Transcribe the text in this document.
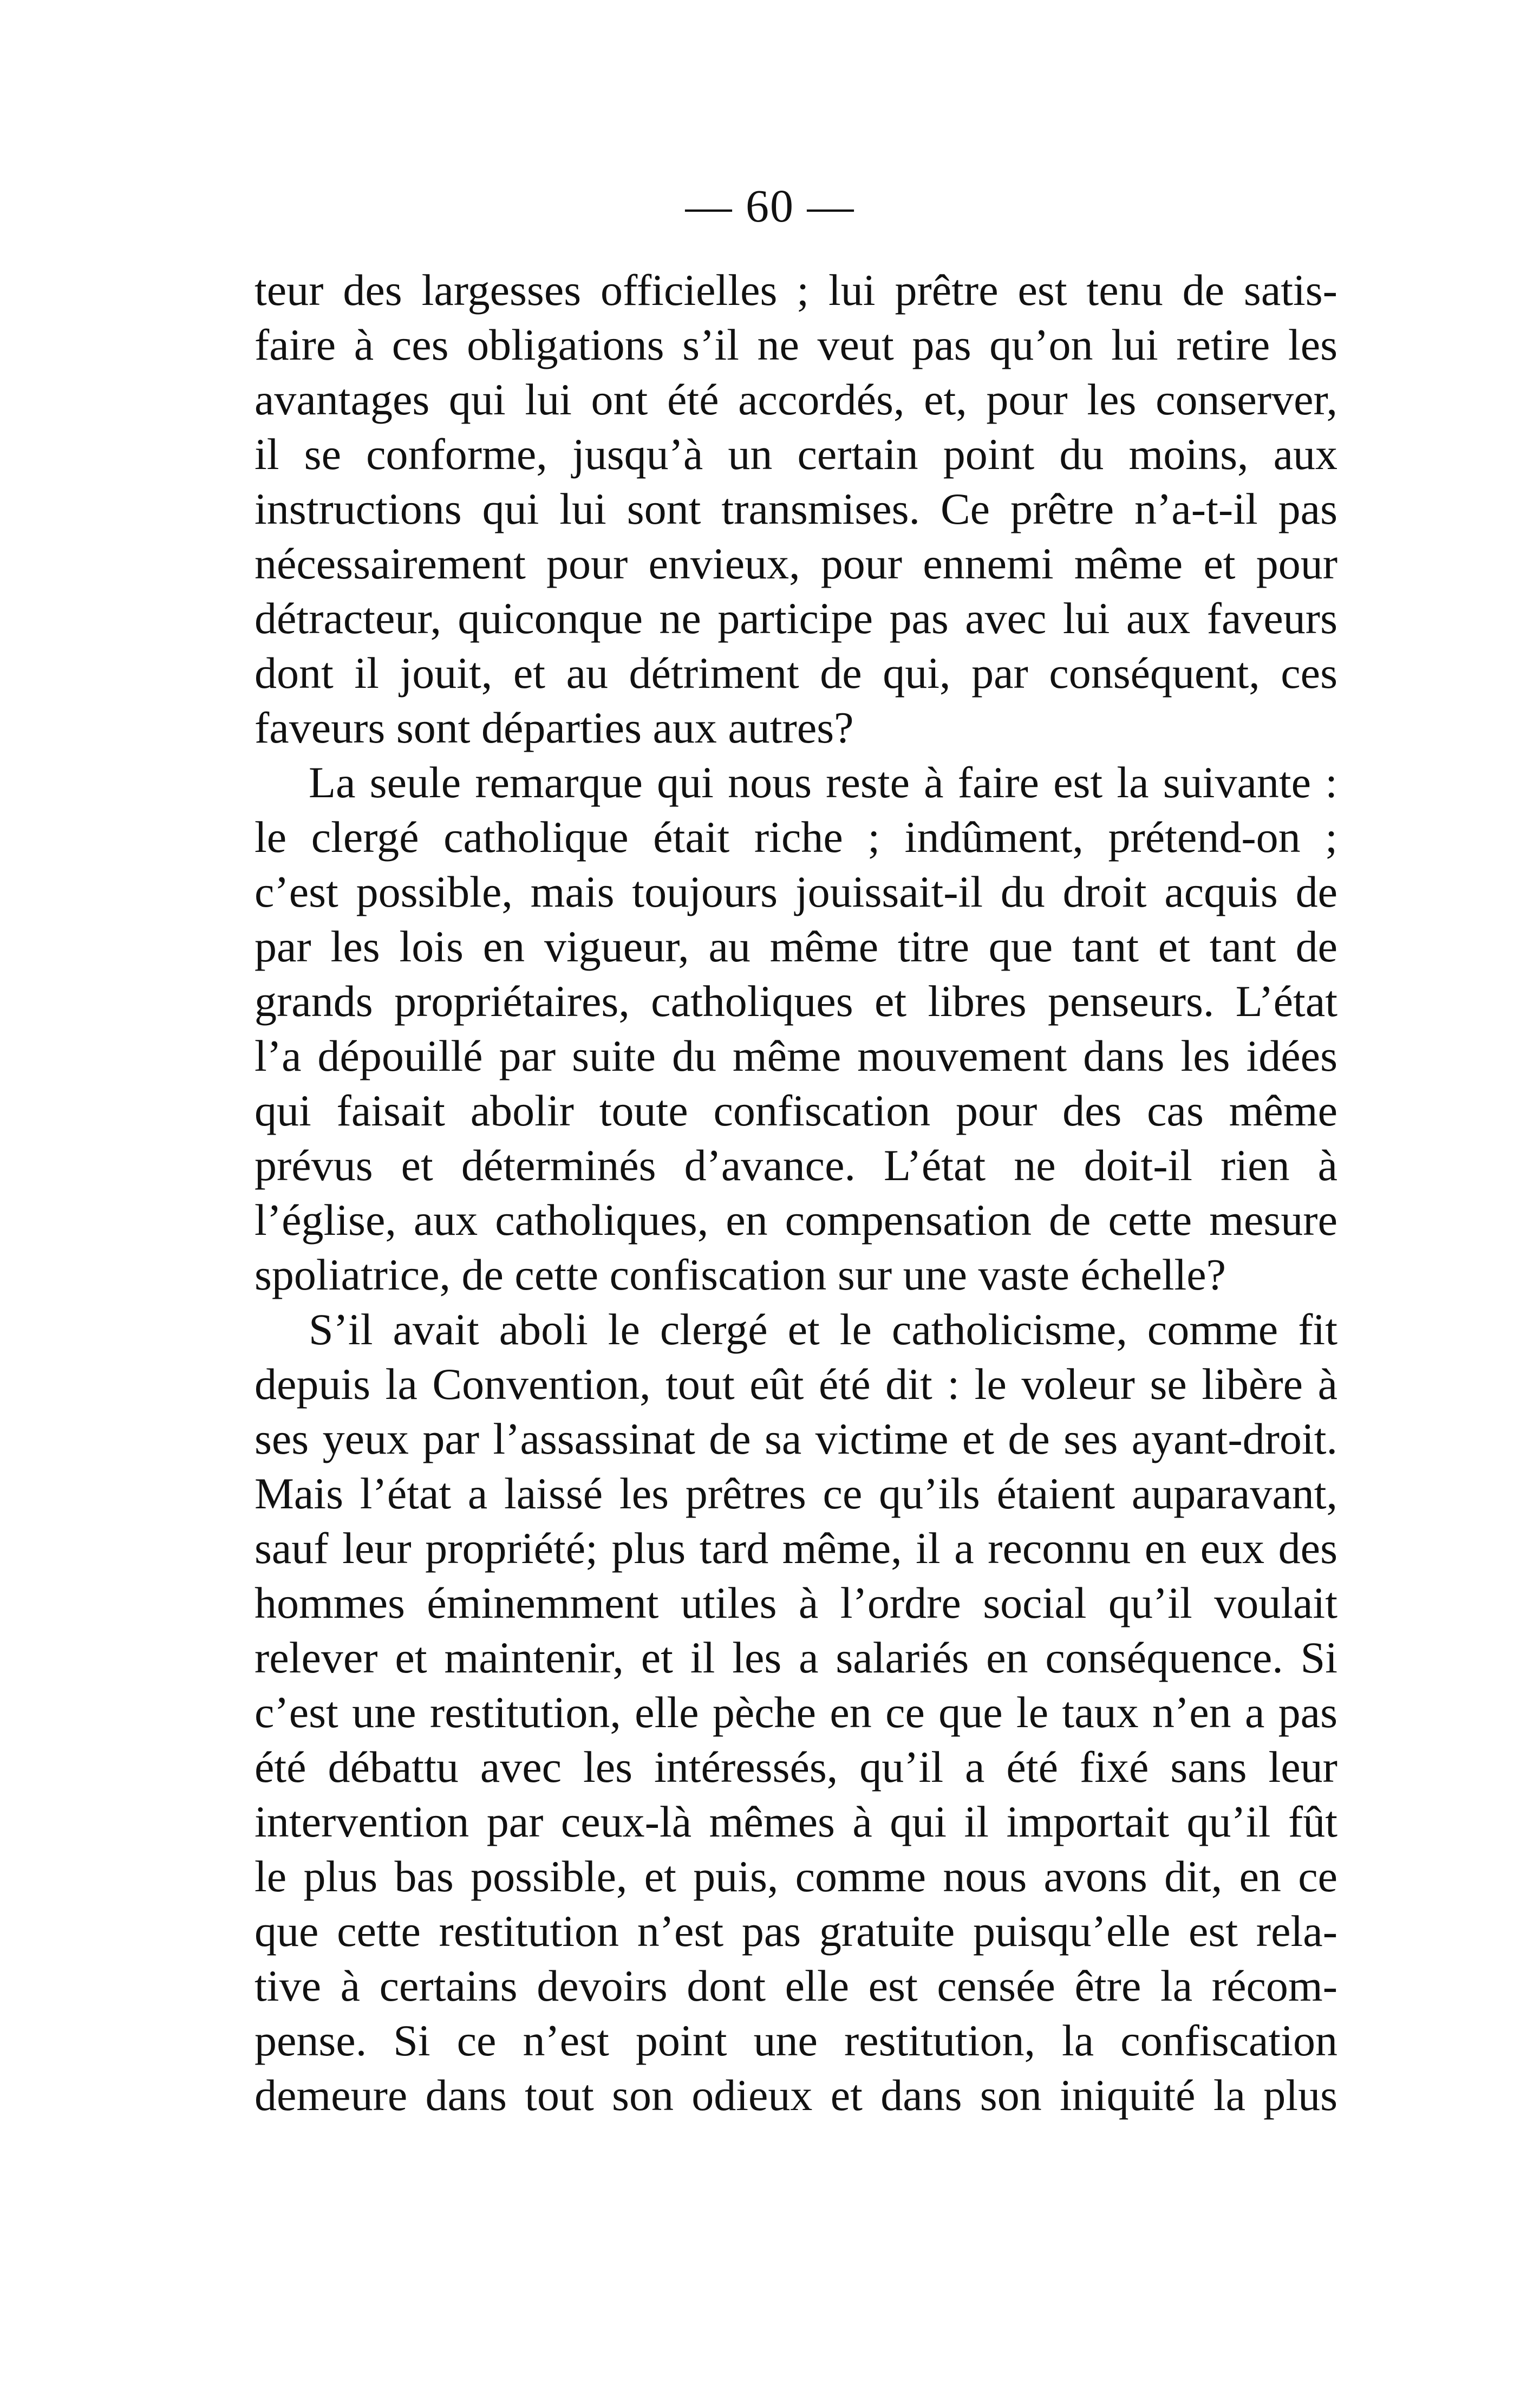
— 60 —
teur des largesses officielles ; lui prêtre est tenu de satis-
faire à ces obligations s’il ne veut pas qu’on lui retire les
avantages qui lui ont été accordés, et, pour les conserver,
il se conforme, jusqu’à un certain point du moins, aux
instructions qui lui sont transmises. Ce prêtre n’a-t-il pas
nécessairement pour envieux, pour ennemi même et pour
détracteur, quiconque ne participe pas avec lui aux faveurs
dont il jouit, et au détriment de qui, par conséquent, ces
faveurs sont départies aux autres?
La seule remarque qui nous reste à faire est la suivante :
le clergé catholique était riche ; indûment, prétend-on ;
c’est possible, mais toujours jouissait-il du droit acquis de
par les lois en vigueur, au même titre que tant et tant de
grands propriétaires, catholiques et libres penseurs. L’état
l’a dépouillé par suite du même mouvement dans les idées
qui faisait abolir toute confiscation pour des cas même
prévus et déterminés d’avance. L’état ne doit-il rien à
l’église, aux catholiques, en compensation de cette mesure
spoliatrice, de cette confiscation sur une vaste échelle?
S’il avait aboli le clergé et le catholicisme, comme fit
depuis la Convention, tout eût été dit : le voleur se libère à
ses yeux par l’assassinat de sa victime et de ses ayant-droit.
Mais l’état a laissé les prêtres ce qu’ils étaient auparavant,
sauf leur propriété; plus tard même, il a reconnu en eux des
hommes éminemment utiles à l’ordre social qu’il voulait
relever et maintenir, et il les a salariés en conséquence. Si
c’est une restitution, elle pèche en ce que le taux n’en a pas
été débattu avec les intéressés, qu’il a été fixé sans leur
intervention par ceux-là mêmes à qui il importait qu’il fût
le plus bas possible, et puis, comme nous avons dit, en ce
que cette restitution n’est pas gratuite puisqu’elle est rela-
tive à certains devoirs dont elle est censée être la récom-
pense. Si ce n’est point une restitution, la confiscation
demeure dans tout son odieux et dans son iniquité la plus
